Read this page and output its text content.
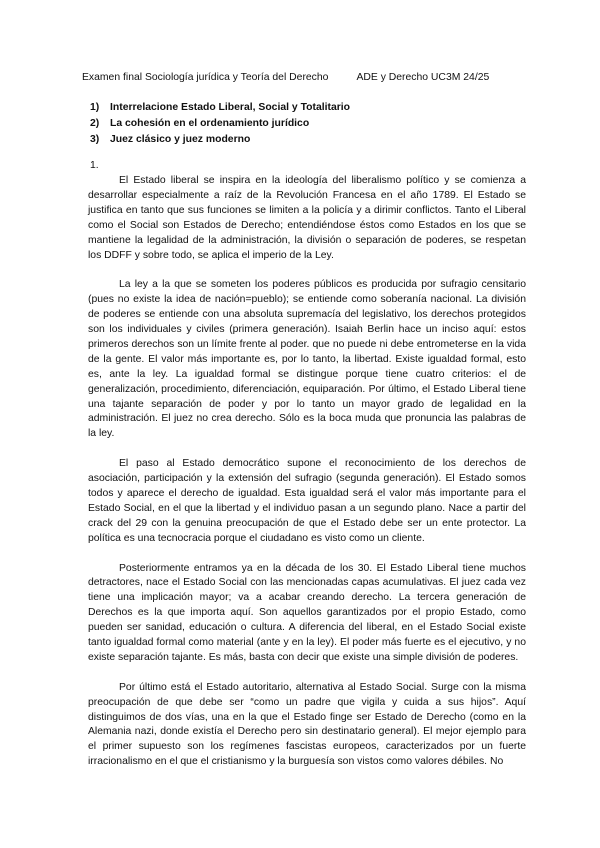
Examen final Sociología jurídica y Teoría del Derecho	ADE y Derecho UC3M 24/25
1) Interrelacione Estado Liberal, Social y Totalitario
2) La cohesión en el ordenamiento jurídico
3) Juez clásico y juez moderno
1.

El Estado liberal se inspira en la ideología del liberalismo político y se comienza a desarrollar especialmente a raíz de la Revolución Francesa en el año 1789. El Estado se justifica en tanto que sus funciones se limiten a la policía y a dirimir conflictos. Tanto el Liberal como el Social son Estados de Derecho; entendiéndose éstos como Estados en los que se mantiene la legalidad de la administración, la división o separación de poderes, se respetan los DDFF y sobre todo, se aplica el imperio de la Ley.

La ley a la que se someten los poderes públicos es producida por sufragio censitario (pues no existe la idea de nación=pueblo); se entiende como soberanía nacional. La división de poderes se entiende con una absoluta supremacía del legislativo, los derechos protegidos son los individuales y civiles (primera generación). Isaiah Berlin hace un inciso aquí: estos primeros derechos son un límite frente al poder. que no puede ni debe entrometerse en la vida de la gente. El valor más importante es, por lo tanto, la libertad. Existe igualdad formal, esto es, ante la ley. La igualdad formal se distingue porque tiene cuatro criterios: el de generalización, procedimiento, diferenciación, equiparación. Por último, el Estado Liberal tiene una tajante separación de poder y por lo tanto un mayor grado de legalidad en la administración. El juez no crea derecho. Sólo es la boca muda que pronuncia las palabras de la ley.

El paso al Estado democrático supone el reconocimiento de los derechos de asociación, participación y la extensión del sufragio (segunda generación). El Estado somos todos y aparece el derecho de igualdad. Esta igualdad será el valor más importante para el Estado Social, en el que la libertad y el individuo pasan a un segundo plano. Nace a partir del crack del 29 con la genuina preocupación de que el Estado debe ser un ente protector. La política es una tecnocracia porque el ciudadano es visto como un cliente.

Posteriormente entramos ya en la década de los 30. El Estado Liberal tiene muchos detractores, nace el Estado Social con las mencionadas capas acumulativas. El juez cada vez tiene una implicación mayor; va a acabar creando derecho. La tercera generación de Derechos es la que importa aquí. Son aquellos garantizados por el propio Estado, como pueden ser sanidad, educación o cultura. A diferencia del liberal, en el Estado Social existe tanto igualdad formal como material (ante y en la ley). El poder más fuerte es el ejecutivo, y no existe separación tajante. Es más, basta con decir que existe una simple división de poderes.

Por último está el Estado autoritario, alternativa al Estado Social. Surge con la misma preocupación de que debe ser “como un padre que vigila y cuida a sus hijos”. Aquí distinguimos de dos vías, una en la que el Estado finge ser Estado de Derecho (como en la Alemania nazi, donde existía el Derecho pero sin destinatario general). El mejor ejemplo para el primer supuesto son los regímenes fascistas europeos, caracterizados por un fuerte irracionalismo en el que el cristianismo y la burguesía son vistos como valores débiles. No
